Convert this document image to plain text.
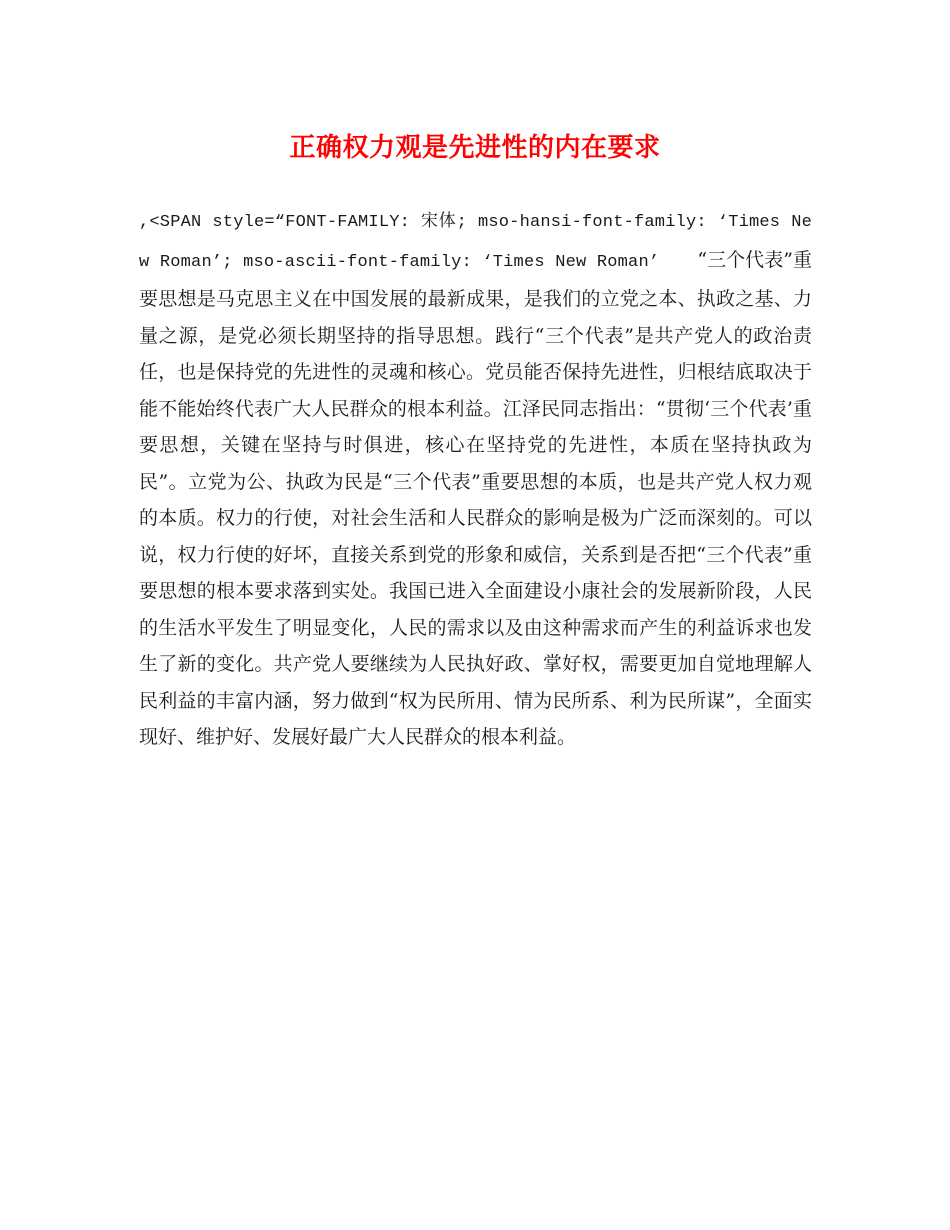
正确权力观是先进性的内在要求
,<SPAN style=“FONT-FAMILY: 宋体; mso-hansi-font-family: ‘Times New Roman’; mso-ascii-font-family: ‘Times New Roman’　　 “三个代表”重要思想是马克思主义在中国发展的最新成果，是我们的立党之本、执政之基、力量之源，是党必须长期坚持的指导思想。践行“三个代表”是共产党人的政治责任，也是保持党的先进性的灵魂和核心。党员能否保持先进性，归根结底取决于能不能始终代表广大人民群众的根本利益。江泽民同志指出：“贯彻‘三个代表’重要思想，关键在坚持与时俱进，核心在坚持党的先进性，本质在坚持执政为民”。立党为公、执政为民是“三个代表”重要思想的本质，也是共产党人权力观的本质。权力的行使，对社会生活和人民群众的影响是极为广泛而深刻的。可以说，权力行使的好坏，直接关系到党的形象和威信，关系到是否把“三个代表”重要思想的根本要求落到实处。我国已进入全面建设小康社会的发展新阶段，人民的生活水平发生了明显变化，人民的需求以及由这种需求而产生的利益诉求也发生了新的变化。共产党人要继续为人民执好政、掌好权，需要更加自觉地理解人民利益的丰富内涵，努力做到“权为民所用、情为民所系、利为民所谋”，全面实现好、维护好、发展好最广大人民群众的根本利益。
